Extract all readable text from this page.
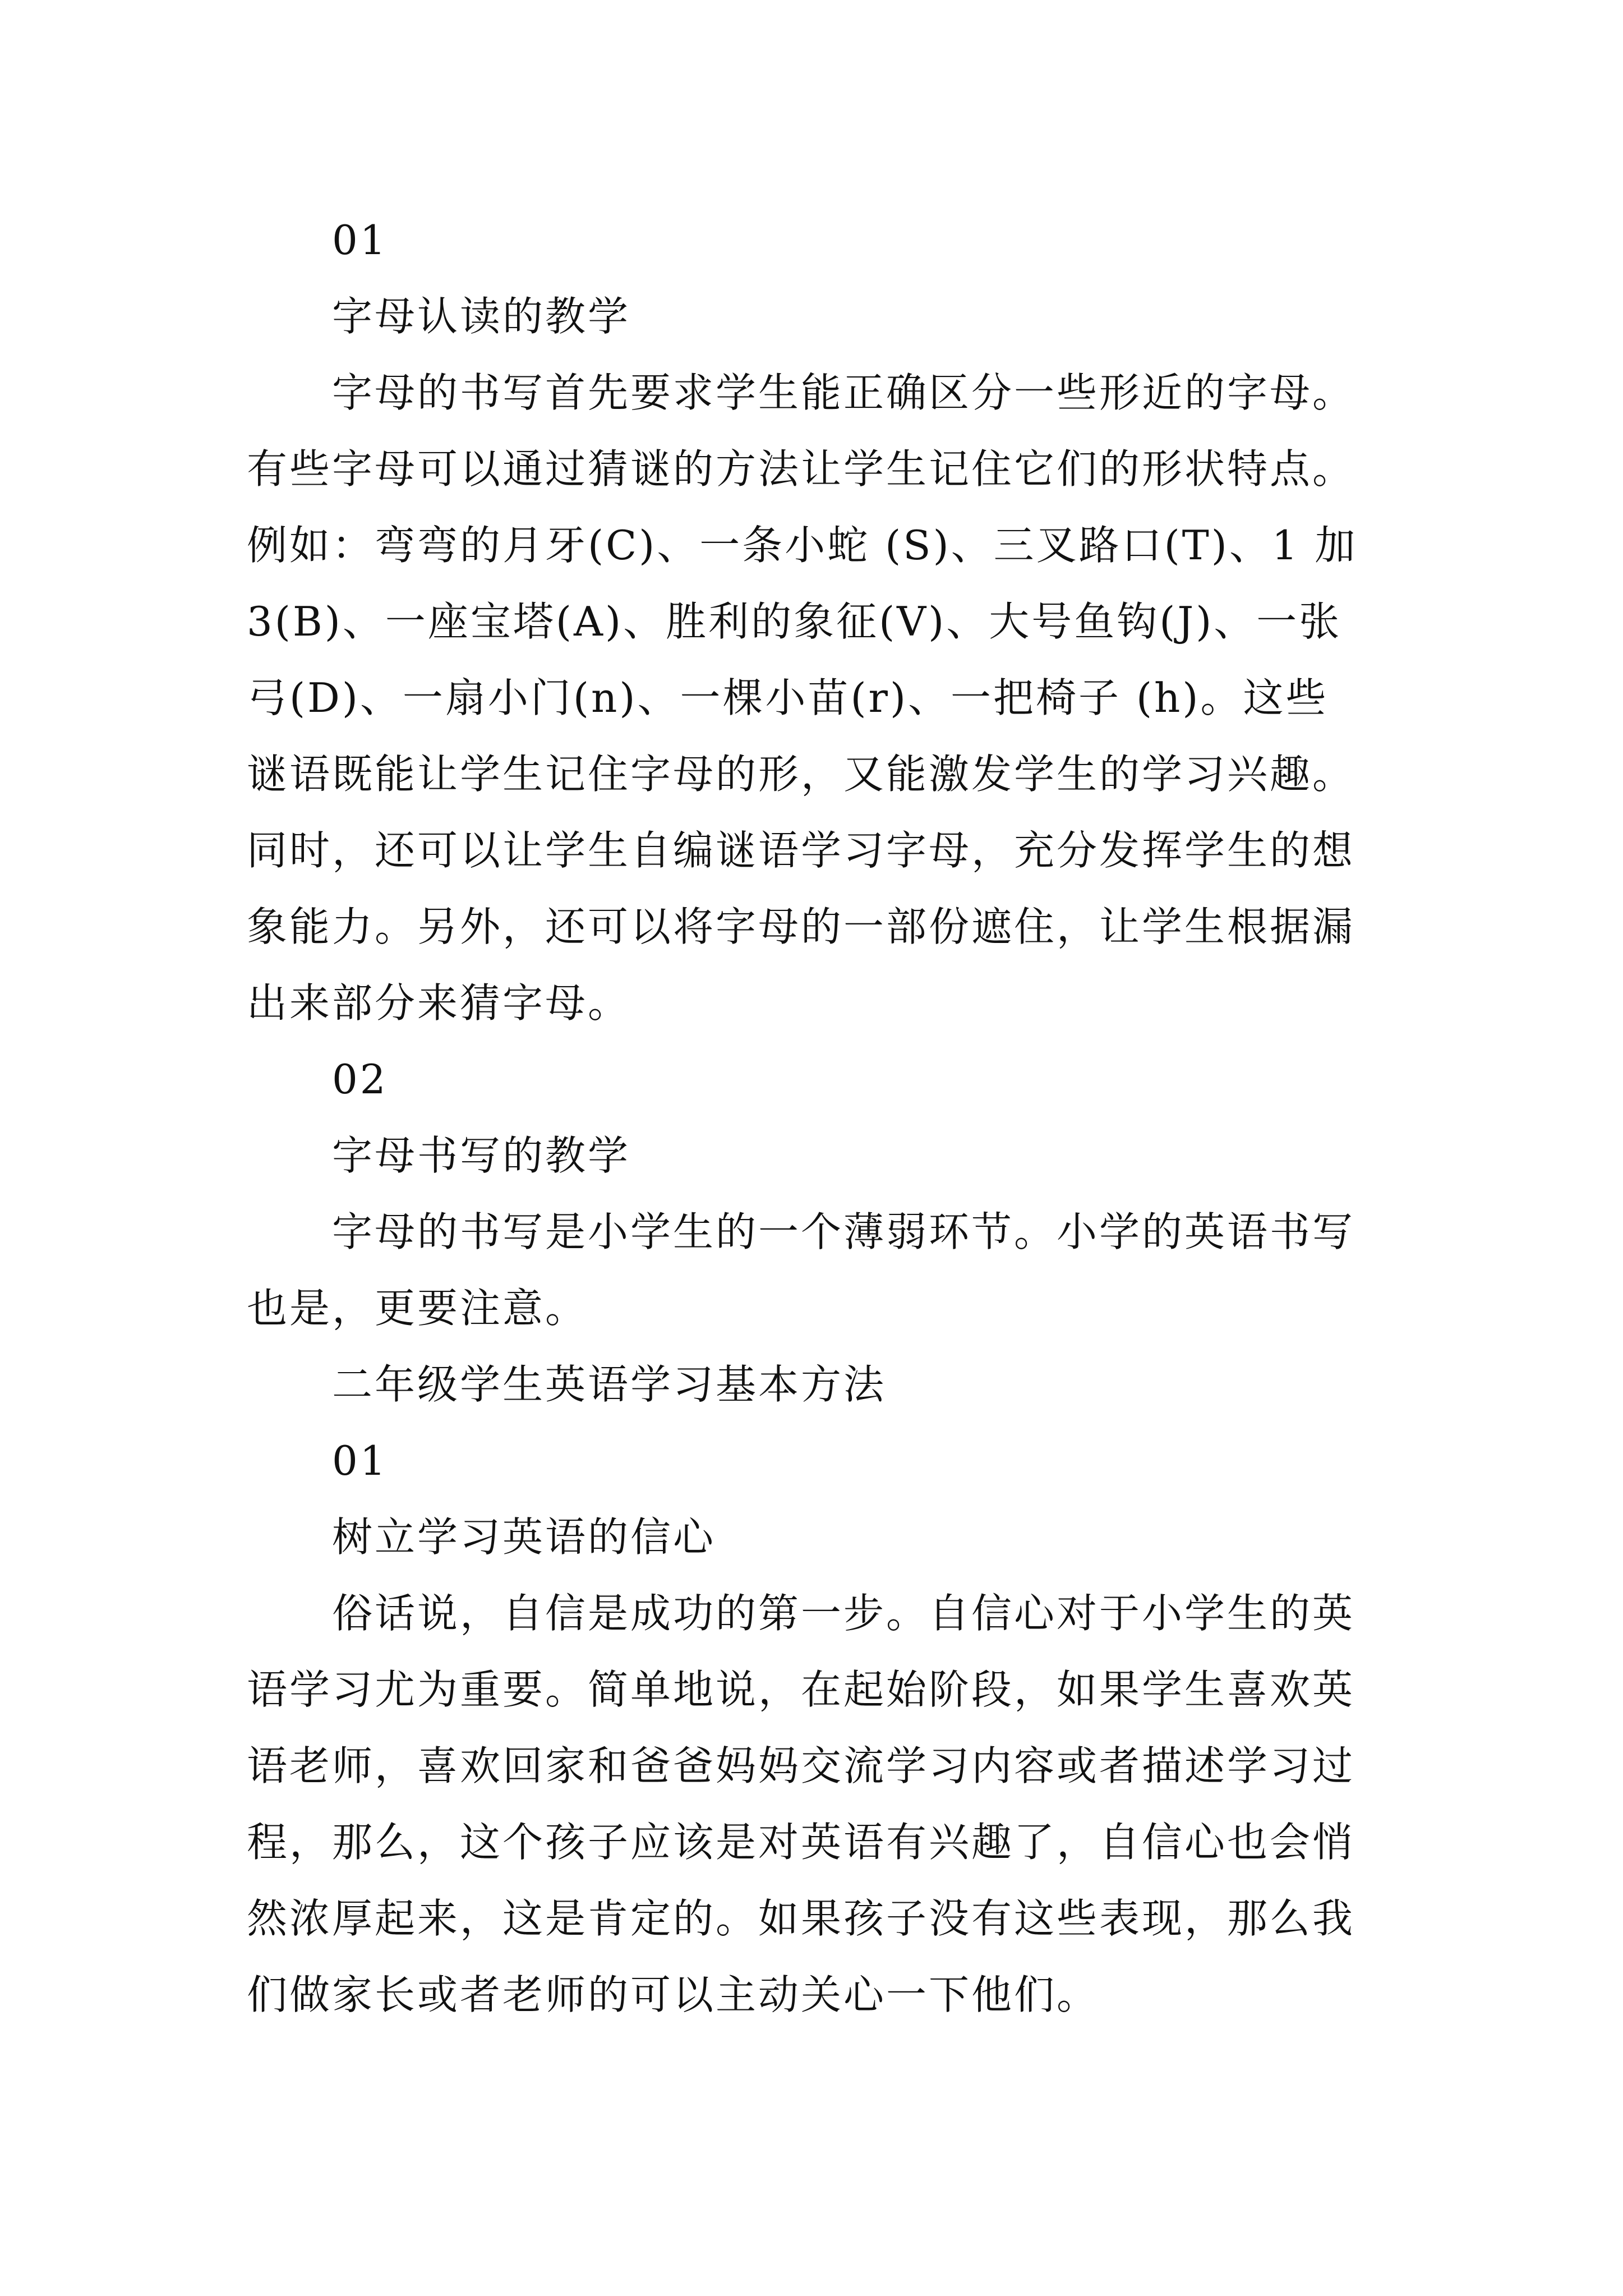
01
字母认读的教学
字母的书写首先要求学生能正确区分一些形近的字母。
有些字母可以通过猜谜的方法让学生记住它们的形状特点。
例如：弯弯的月牙(C)、一条小蛇 (S)、三叉路口(T)、1 加
3(B)、一座宝塔(A)、胜利的象征(V)、大号鱼钩(J)、一张
弓(D)、一扇小门(n)、一棵小苗(r)、一把椅子 (h)。这些
谜语既能让学生记住字母的形，又能激发学生的学习兴趣。
同时，还可以让学生自编谜语学习字母，充分发挥学生的想
象能力。另外，还可以将字母的一部份遮住，让学生根据漏
出来部分来猜字母。
02
字母书写的教学
字母的书写是小学生的一个薄弱环节。小学的英语书写
也是，更要注意。
二年级学生英语学习基本方法
01
树立学习英语的信心
俗话说，自信是成功的第一步。自信心对于小学生的英
语学习尤为重要。简单地说，在起始阶段，如果学生喜欢英
语老师，喜欢回家和爸爸妈妈交流学习内容或者描述学习过
程，那么，这个孩子应该是对英语有兴趣了，自信心也会悄
然浓厚起来，这是肯定的。如果孩子没有这些表现，那么我
们做家长或者老师的可以主动关心一下他们。
